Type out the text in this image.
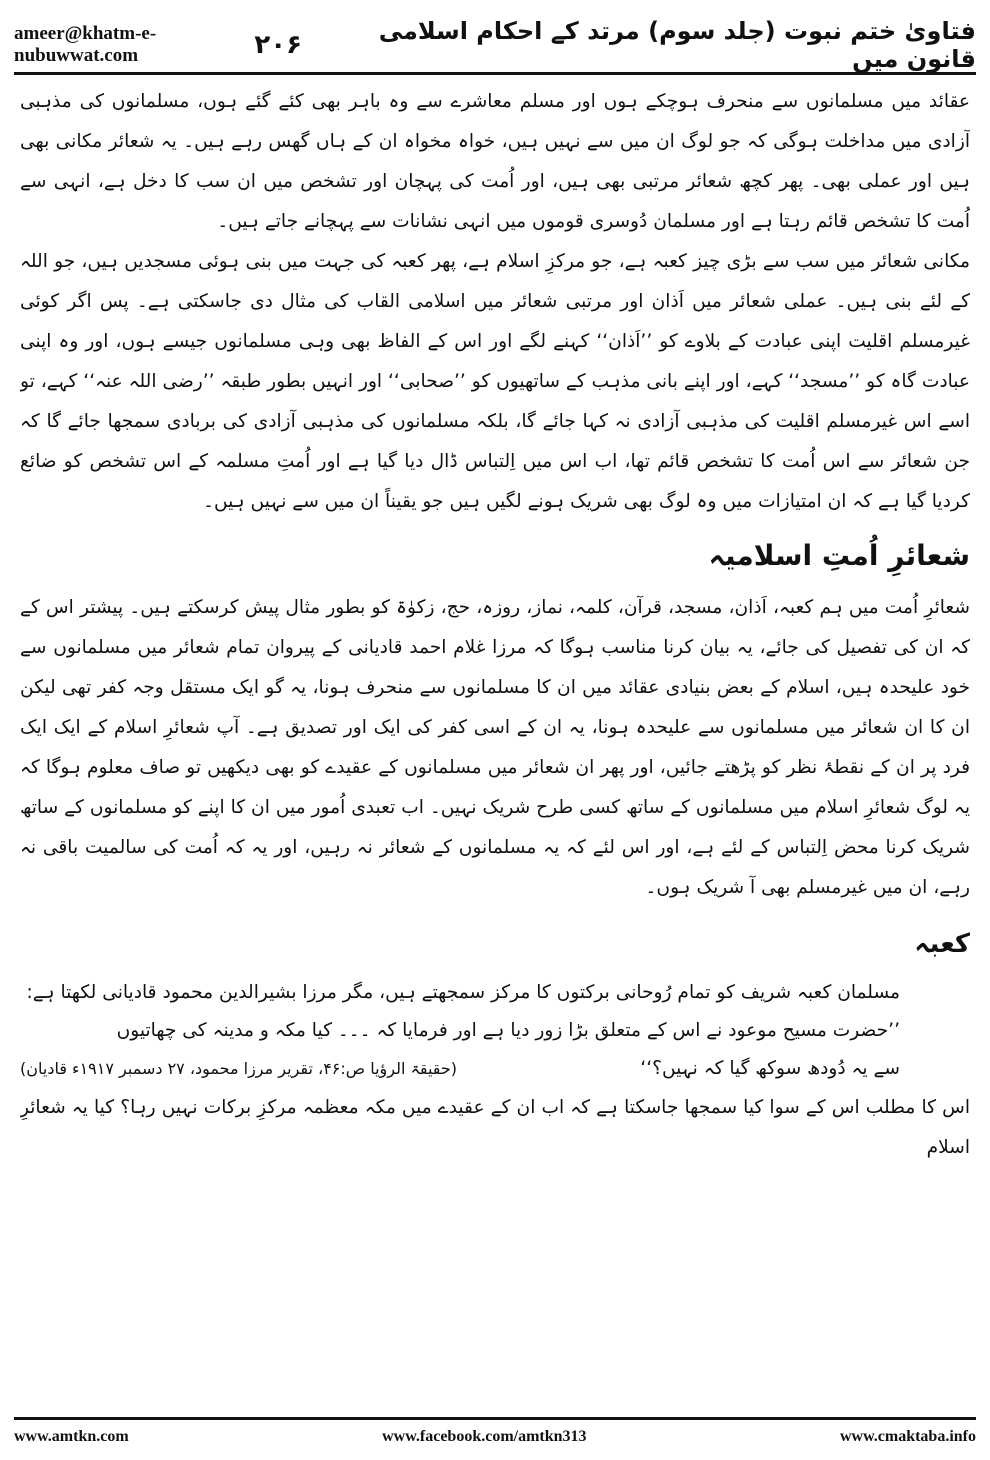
ameer@khatm-e-nubuwwat.com
فتاویٰ ختم نبوت (جلد سوم) مرتد کے احکام اسلامی قانون میں
۲۰۶

عقائد میں مسلمانوں سے منحرف ہوچکے ہوں اور مسلم معاشرے سے وہ باہر بھی کئے گئے ہوں، مسلمانوں کی مذہبی آزادی میں مداخلت ہوگی کہ جو لوگ ان میں سے نہیں ہیں، خواہ مخواہ ان کے ہاں گھس رہے ہیں۔ یہ شعائر مکانی بھی ہیں اور عملی بھی۔ پھر کچھ شعائر مرتبی بھی ہیں، اور اُمت کی پہچان اور تشخص میں ان سب کا دخل ہے، انہی سے اُمت کا تشخص قائم رہتا ہے اور مسلمان دُوسری قوموں میں انہی نشانات سے پہچانے جاتے ہیں۔

مکانی شعائر میں سب سے بڑی چیز کعبہ ہے، جو مرکزِ اسلام ہے، پھر کعبہ کی جہت میں بنی ہوئی مسجدیں ہیں، جو اللہ کے لئے بنی ہیں۔ عملی شعائر میں اَذان اور مرتبی شعائر میں اسلامی القاب کی مثال دی جاسکتی ہے۔ پس اگر کوئی غیرمسلم اقلیت اپنی عبادت کے بلاوے کو ’’اَذان‘‘ کہنے لگے اور اس کے الفاظ بھی وہی مسلمانوں جیسے ہوں، اور وہ اپنی عبادت گاہ کو ’’مسجد‘‘ کہے، اور اپنے بانی مذہب کے ساتھیوں کو ’’صحابی‘‘ اور انہیں بطور طبقہ ’’رضی اللہ عنہ‘‘ کہے، تو اسے اس غیرمسلم اقلیت کی مذہبی آزادی نہ کہا جائے گا، بلکہ مسلمانوں کی مذہبی آزادی کی بربادی سمجھا جائے گا کہ جن شعائر سے اس اُمت کا تشخص قائم تھا، اب اس میں اِلتباس ڈال دیا گیا ہے اور اُمتِ مسلمہ کے اس تشخص کو ضائع کردیا گیا ہے کہ ان امتیازات میں وہ لوگ بھی شریک ہونے لگیں ہیں جو یقیناً ان میں سے نہیں ہیں۔

شعائرِ اُمتِ اسلامیہ

شعائرِ اُمت میں ہم کعبہ، اَذان، مسجد، قرآن، کلمہ، نماز، روزہ، حج، زکوٰۃ کو بطور مثال پیش کرسکتے ہیں۔ پیشتر اس کے کہ ان کی تفصیل کی جائے، یہ بیان کرنا مناسب ہوگا کہ مرزا غلام احمد قادیانی کے پیروان تمام شعائر میں مسلمانوں سے خود علیحدہ ہیں، اسلام کے بعض بنیادی عقائد میں ان کا مسلمانوں سے منحرف ہونا، یہ گو ایک مستقل وجہ کفر تھی لیکن ان کا ان شعائر میں مسلمانوں سے علیحدہ ہونا، یہ ان کے اسی کفر کی ایک اور تصدیق ہے۔ آپ شعائرِ اسلام کے ایک ایک فرد پر ان کے نقطۂ نظر کو پڑھتے جائیں، اور پھر ان شعائر میں مسلمانوں کے عقیدے کو بھی دیکھیں تو صاف معلوم ہوگا کہ یہ لوگ شعائرِ اسلام میں مسلمانوں کے ساتھ کسی طرح شریک نہیں۔ اب تعبدی اُمور میں ان کا اپنے کو مسلمانوں کے ساتھ شریک کرنا محض اِلتباس کے لئے ہے، اور اس لئے کہ یہ مسلمانوں کے شعائر نہ رہیں، اور یہ کہ اُمت کی سالمیت باقی نہ رہے، ان میں غیرمسلم بھی آ شریک ہوں۔

کعبہ

مسلمان کعبہ شریف کو تمام رُوحانی برکتوں کا مرکز سمجھتے ہیں، مگر مرزا بشیرالدین محمود قادیانی لکھتا ہے:

’’حضرت مسیح موعود نے اس کے متعلق بڑا زور دیا ہے اور فرمایا کہ ۔۔۔ کیا مکہ و مدینہ کی چھاتیوں

سے یہ دُودھ سوکھ گیا کہ نہیں؟‘‘
(حقیقۃ الرؤیا ص:۴۶، تقریر مرزا محمود، ۲۷ دسمبر ۱۹۱۷ء قادیان)

اس کا مطلب اس کے سوا کیا سمجھا جاسکتا ہے کہ اب ان کے عقیدے میں مکہ معظمہ مرکزِ برکات نہیں رہا؟ کیا یہ شعائرِ اسلام

www.amtkn.com	www.facebook.com/amtkn313	www.cmaktaba.info
